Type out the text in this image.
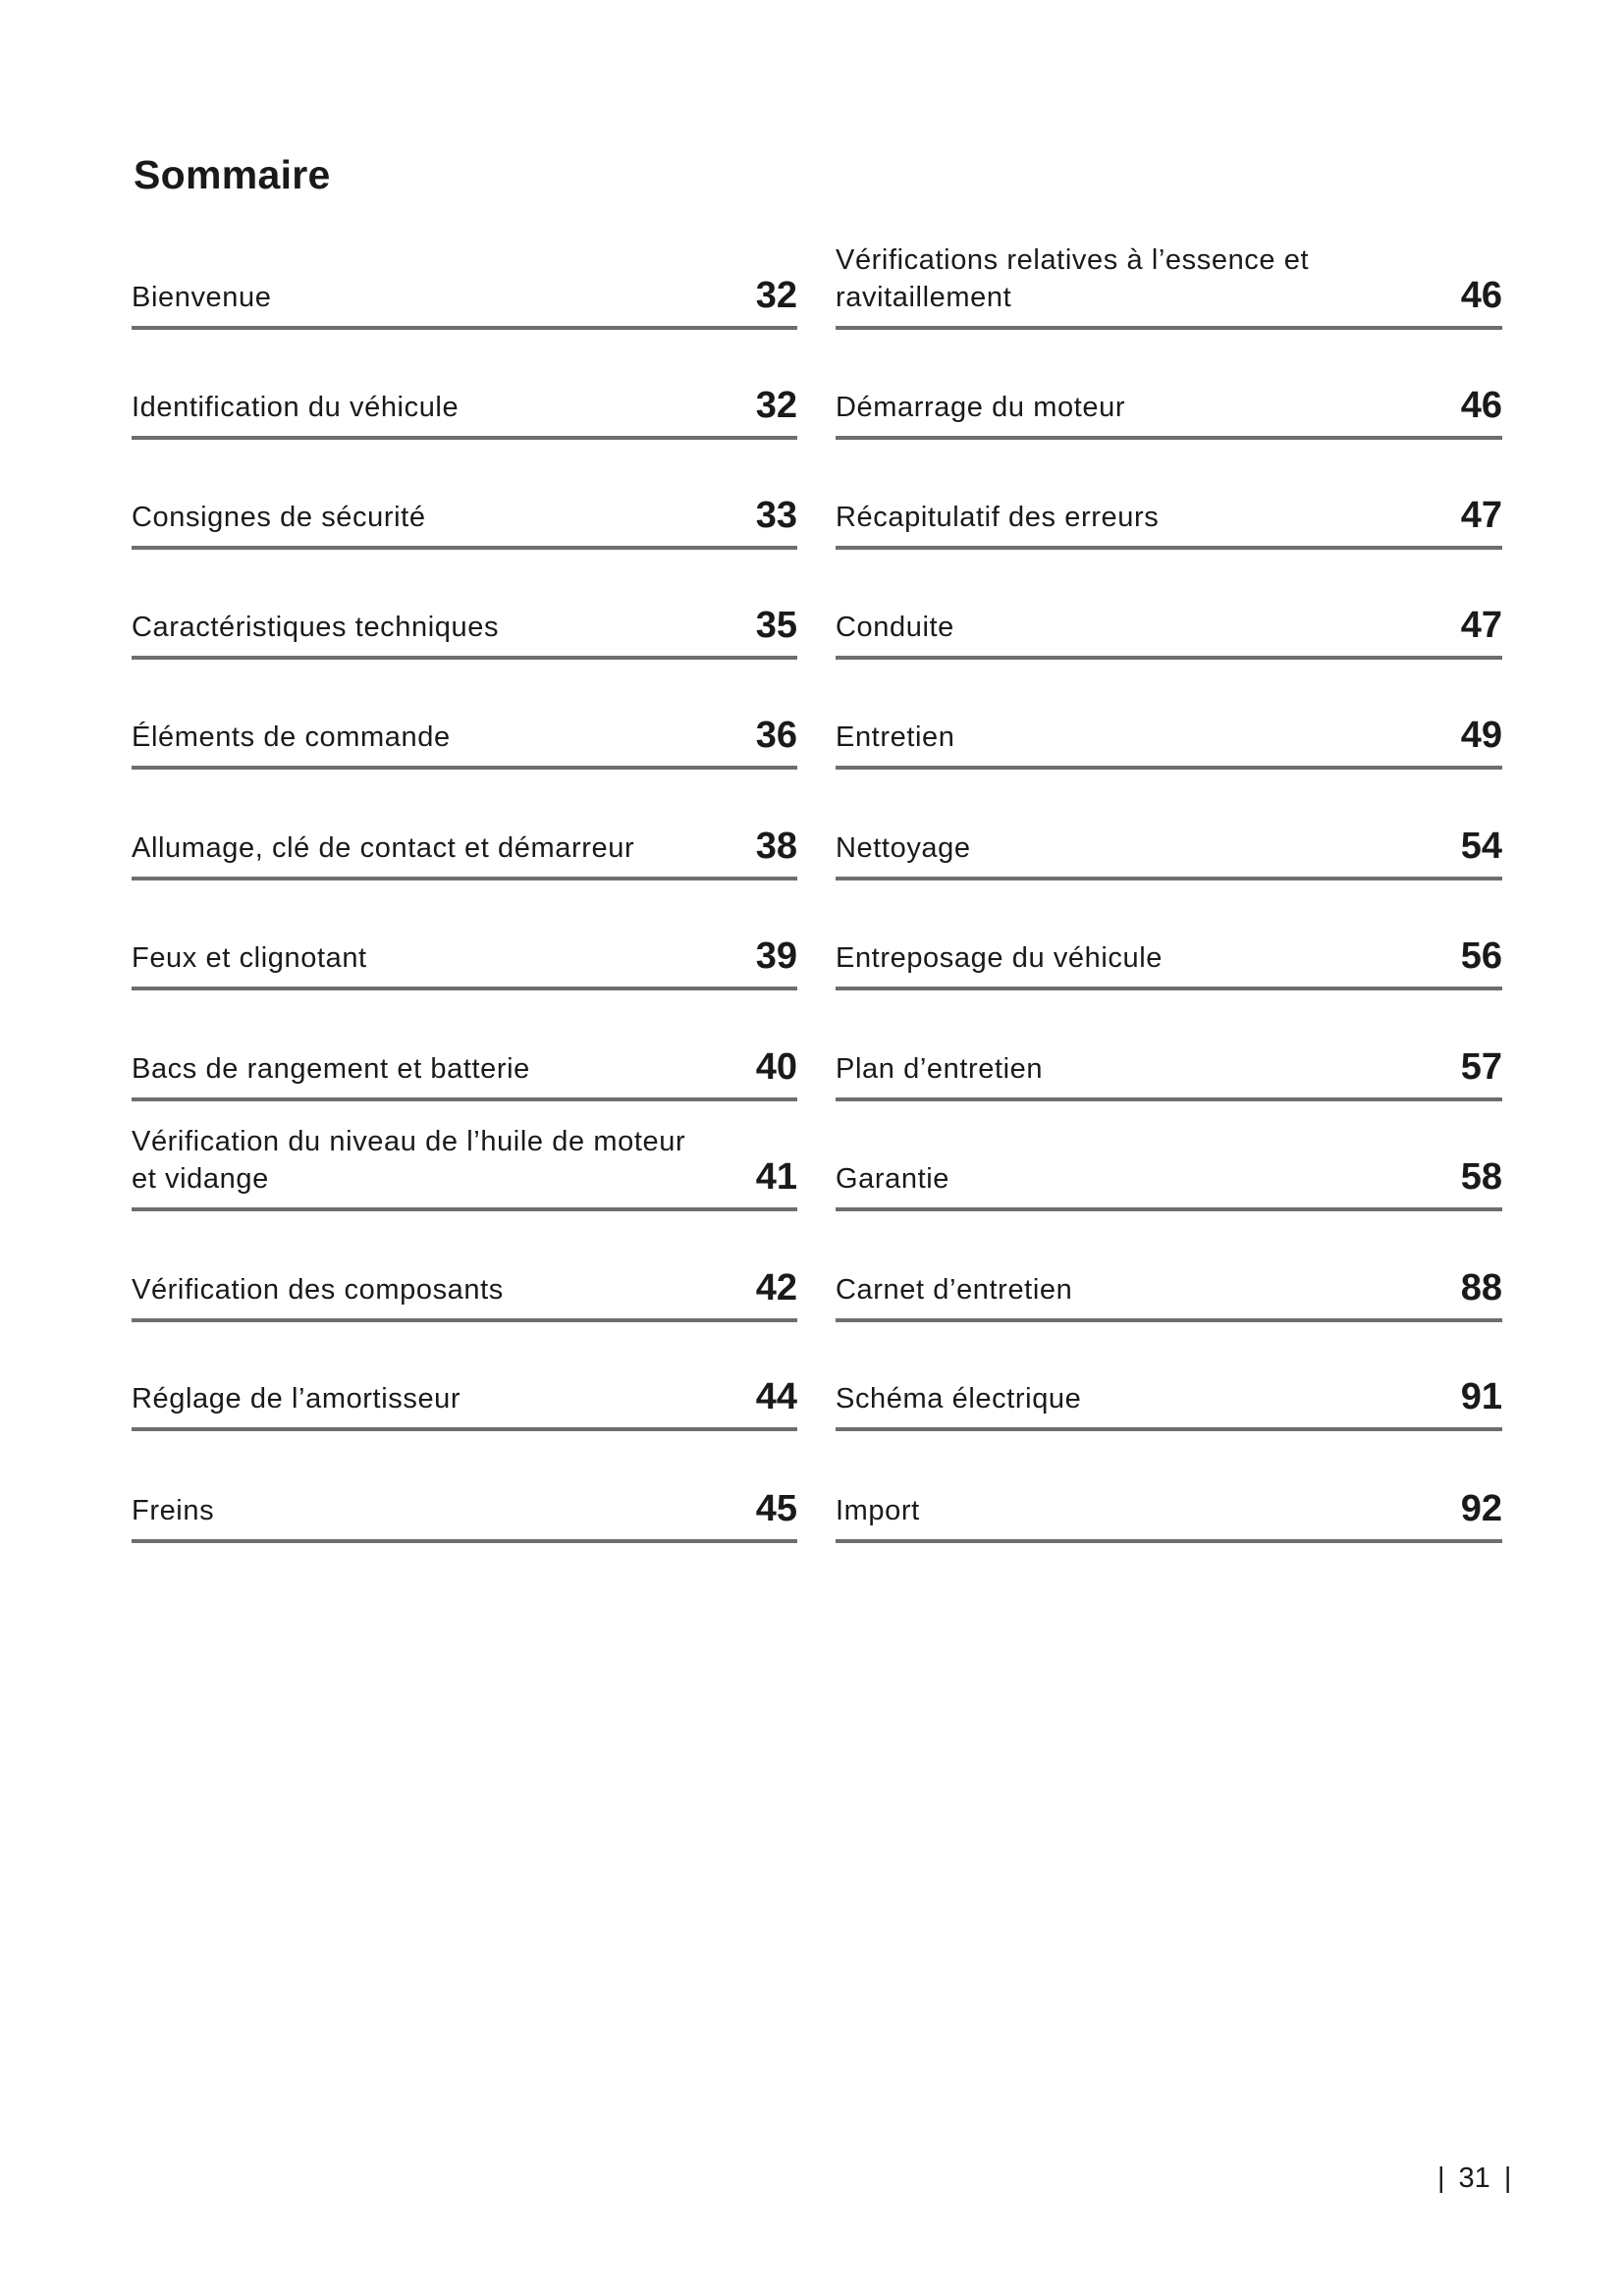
Sommaire
Bienvenue	32
Identification du véhicule	32
Consignes de sécurité	33
Caractéristiques techniques	35
Éléments de commande	36
Allumage, clé de contact et démarreur	38
Feux et clignotant	39
Bacs de rangement et batterie	40
Vérification du niveau de l’huile de moteur et vidange	41
Vérification des composants	42
Réglage de l’amortisseur	44
Freins	45
Vérifications relatives à l’essence et ravitaillement	46
Démarrage du moteur	46
Récapitulatif des erreurs	47
Conduite	47
Entretien	49
Nettoyage	54
Entreposage du véhicule	56
Plan d’entretien	57
Garantie	58
Carnet d’entretien	88
Schéma électrique	91
Import	92
| 31 |
